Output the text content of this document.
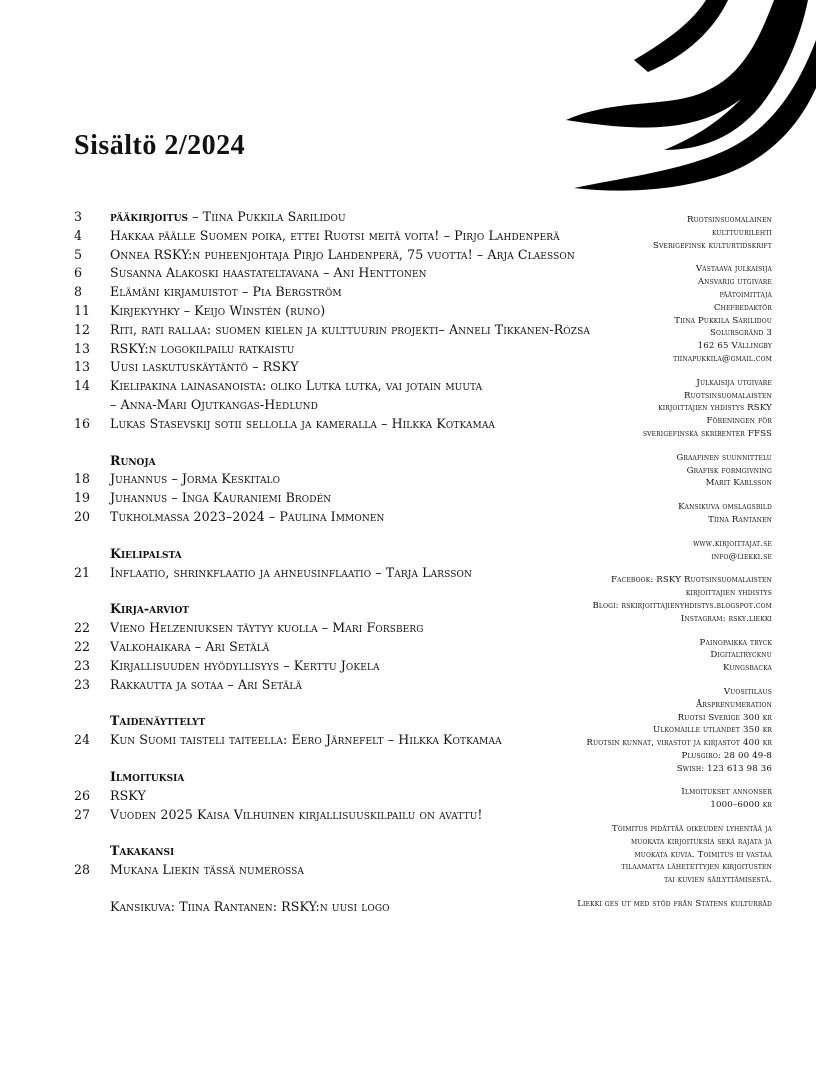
Sisältö 2/2024
3	pääkirjoitus – Tiina Pukkila Sarilidou
4	Hakkaa päälle Suomen poika, ettei Ruotsi meitä voita! – Pirjo Lahdenperä
5	Onnea RSKY:n puheenjohtaja Pirjo Lahdenperä, 75 vuotta! – Arja Claesson
6	Susanna Alakoski haastateltavana – Ani Henttonen
8	Elämäni kirjamuistot – Pia Bergström
11	Kirjekyyhky – Keijo Winstén (runo)
12	Riti, rati rallaa: suomen kielen ja kulttuurin projekti– Anneli Tikkanen-Rózsa
13	RSKY:n logokilpailu ratkaistu
13	Uusi laskutuskäytäntö – RSKY
14	Kielipakina lainasanoista: oliko Lutka lutka, vai jotain muuta
– Anna-Mari Ojutkangas-Hedlund
16	Lukas Stasevskij sotii sellolla ja kameralla – Hilkka Kotkamaa
Runoja
18	Juhannus – Jorma Keskitalo
19	Juhannus – Inga Kauraniemi Brodén
20	Tukholmassa 2023–2024 – Paulina Immonen
Kielipalsta
21	Inflaatio, shrinkflaatio ja ahneusinflaatio – Tarja Larsson
Kirja-arviot
22	Vieno Helzeniuksen täytyy kuolla – Mari Forsberg
22	Valkohaikara – Ari Setälä
23	Kirjallisuuden hyödyllisyys – Kerttu Jokela
23	Rakkautta ja sotaa – Ari Setälä
Taidenäyttelyt
24	Kun Suomi taisteli taiteella: Eero Järnefelt – Hilkka Kotkamaa
Ilmoituksia
26	RSKY
27	Vuoden 2025 Kaisa Vilhuinen kirjallisuuskilpailu on avattu!
Takakansi
28	Mukana Liekin tässä numerossa
Kansikuva: Tiina Rantanen: RSKY:n uusi logo
Ruotsinsuomalainen
kulttuurilehti
Sverigefinsk kulturtidskrift
Vastaava julkaisija
Ansvarig utgivare
päätoimittaja
Chefredaktör
Tiina Pukkila Sarilidou
Solursgränd 3
162 65 Vällingby
tiinapukkila@gmail.com
Julkaisija utgivare
Ruotsinsuomalaisten
kirjoittajien yhdistys RSKY
Föreningen för
sverigefinska skribenter FFSS
Graafinen suunnittelu
Grafisk formgivning
Marit Karlsson
Kansikuva omslagsbild
Tiina Rantanen
www.kirjoittajat.se
info@liekki.se
Facebook: RSKY Ruotsinsuomalaisten
kirjoittajien yhdistys
Blogi: rskirjoittajienyhdistys.blogspot.com
Instagram: rsky.liekki
Painopaikka tryck
Digitaltrycknu
Kungsbacka
Vuositilaus
Årsprenumeration
Ruotsi Sverige 300 kr
Ulkomaille utlandet 350 kr
Ruotsin kunnat, virastot ja kirjastot 400 kr
Plusgiro: 28 00 49-8
Swish: 123 613 98 36
Ilmoitukset annonser
1000–6000 kr
Toimitus pidättää oikeuden lyhentää ja
muokata kirjoituksia sekä rajata ja
muokata kuvia. Toimitus ei vastaa
tilaamatta lähetettyjen kirjoitusten
tai kuvien säilyttämisestä.
Liekki ges ut med stöd från Statens kulturråd
